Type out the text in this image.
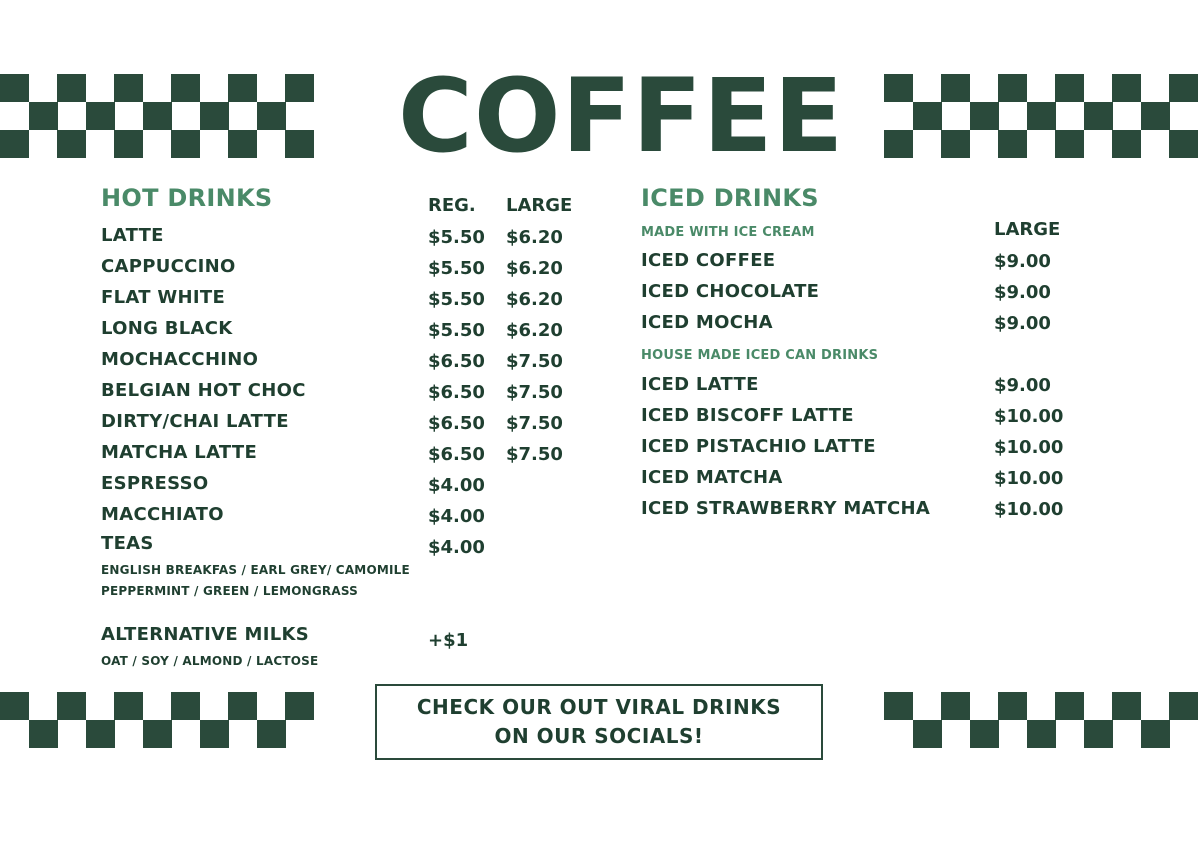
COFFEE
HOT DRINKS	REG. LARGE
LATTE	$5.50 $6.20
CAPPUCCINO	$5.50 $6.20
FLAT WHITE	$5.50 $6.20
LONG BLACK	$5.50 $6.20
MOCHACCHINO	$6.50 $7.50
BELGIAN HOT CHOC	$6.50 $7.50
DIRTY/CHAI LATTE	$6.50 $7.50
MATCHA LATTE	$6.50 $7.50
ESPRESSO	$4.00
MACCHIATO	$4.00
TEAS	$4.00
ENGLISH BREAKFAS / EARL GREY/ CAMOMILE
PEPPERMINT / GREEN / LEMONGRASS
ALTERNATIVE MILKS	+$1
OAT / SOY / ALMOND / LACTOSE
ICED DRINKS
LARGE
MADE WITH ICE CREAM
ICED COFFEE	$9.00
ICED CHOCOLATE	$9.00
ICED MOCHA	$9.00
HOUSE MADE ICED CAN DRINKS
ICED LATTE	$9.00
ICED BISCOFF LATTE	$10.00
ICED PISTACHIO LATTE	$10.00
ICED MATCHA	$10.00
ICED STRAWBERRY MATCHA	$10.00
CHECK OUR OUT VIRAL DRINKS
ON OUR SOCIALS!
